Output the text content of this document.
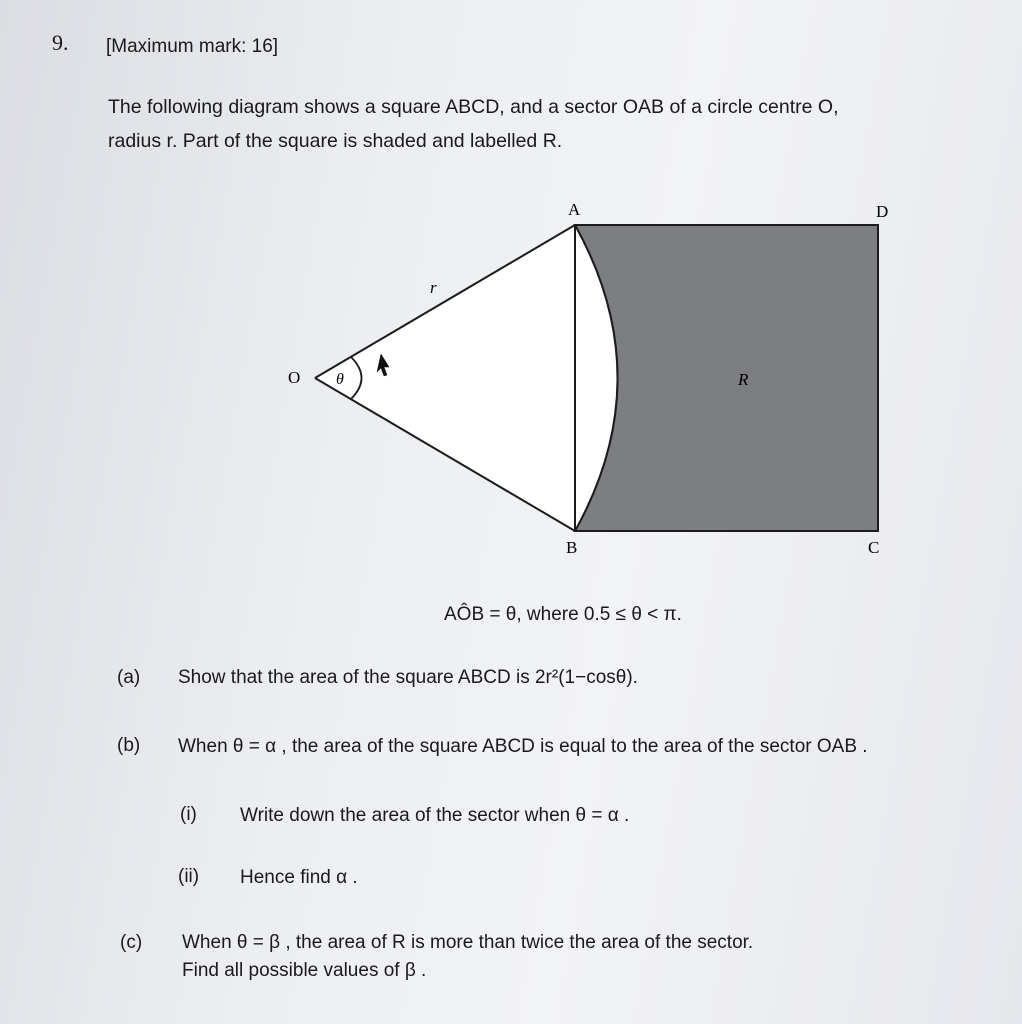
9. [Maximum mark: 16]
The following diagram shows a square ABCD, and a sector OAB of a circle centre O,
radius r. Part of the square is shaded and labelled R.
A	D
B	C
O
r
θ	R
AÔB = θ, where 0.5 ≤ θ < π.
(a) Show that the area of the square ABCD is 2r²(1−cosθ).
(b) When θ = α , the area of the square ABCD is equal to the area of the sector OAB .
(i) Write down the area of the sector when θ = α .
(ii) Hence find α .
(c) When θ = β , the area of R is more than twice the area of the sector.
Find all possible values of β .
